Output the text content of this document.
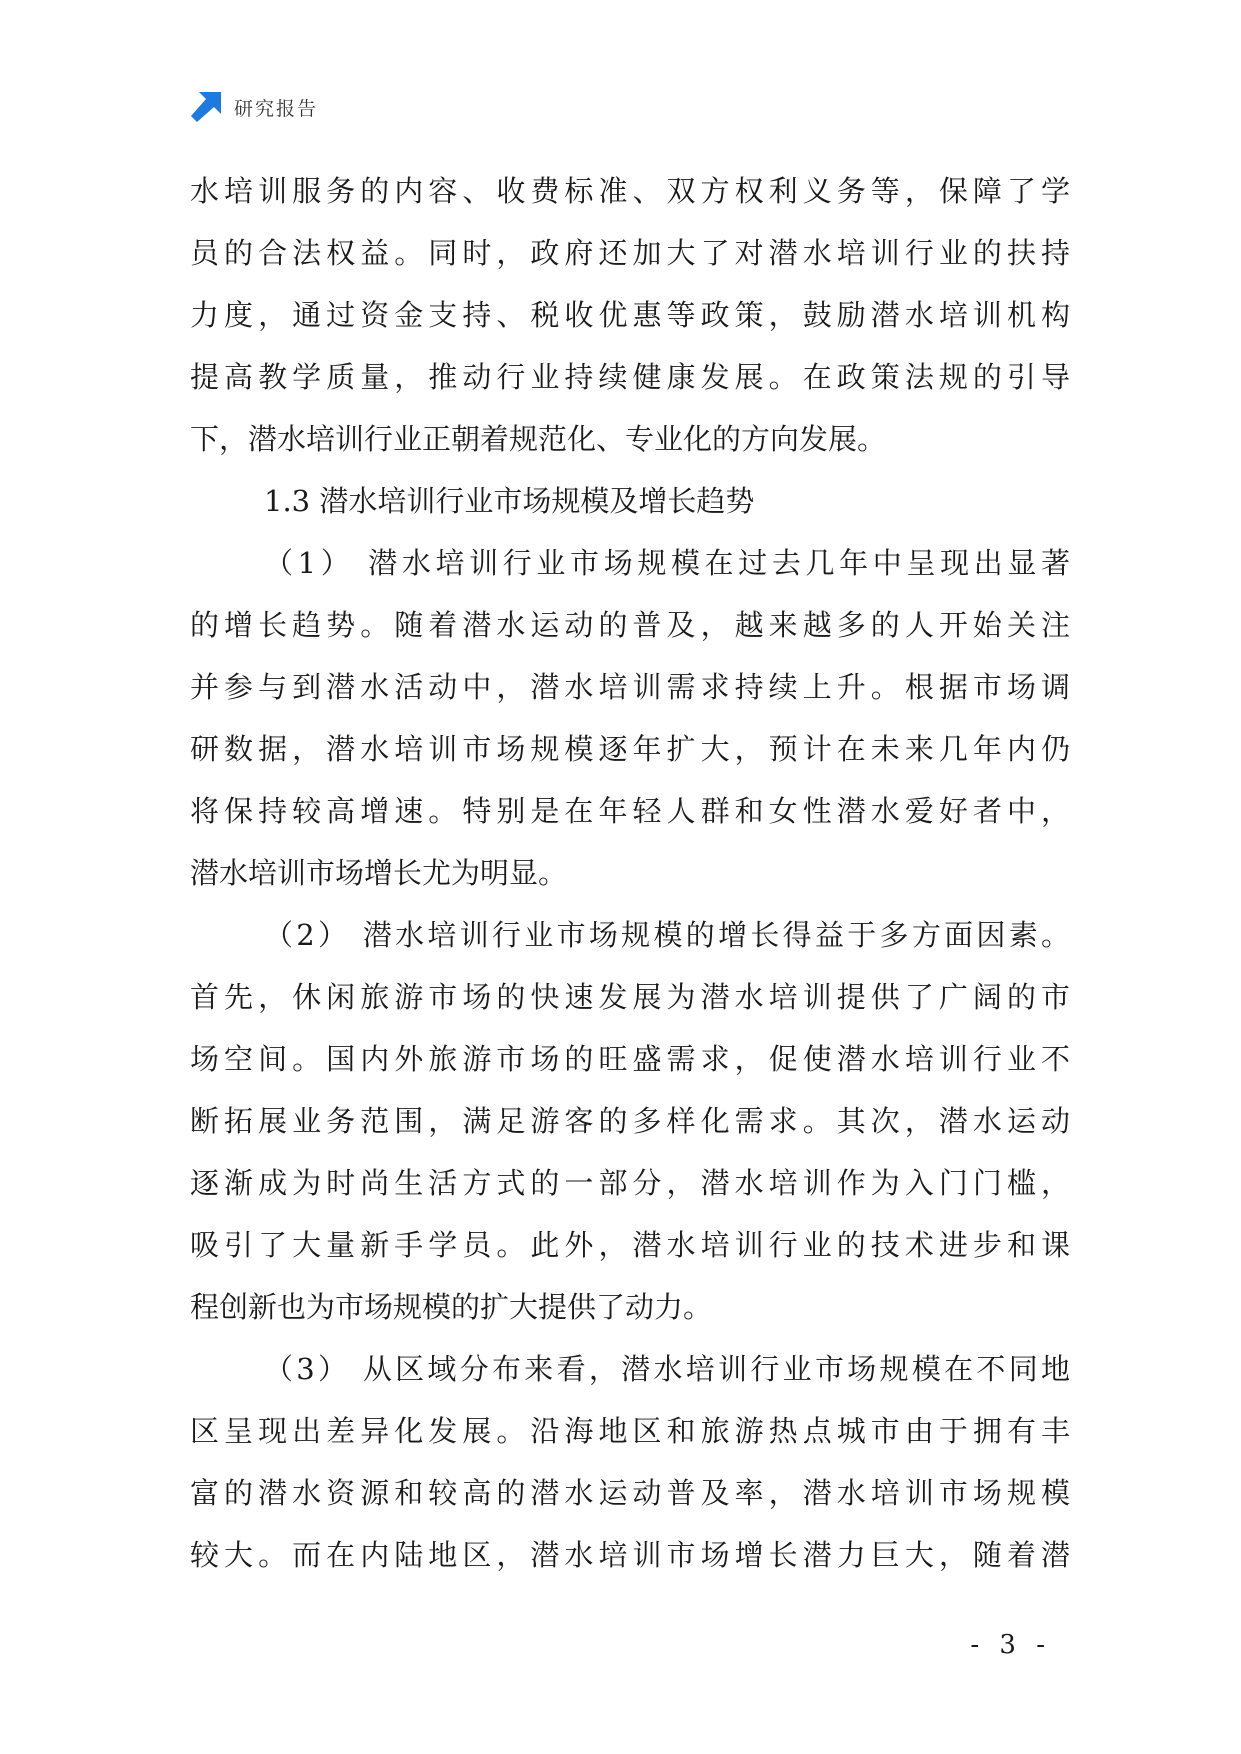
研究报告
水培训服务的内容、收费标准、双方权利义务等，保障了学
员的合法权益。同时，政府还加大了对潜水培训行业的扶持
力度，通过资金支持、税收优惠等政策，鼓励潜水培训机构
提高教学质量，推动行业持续健康发展。在政策法规的引导
下，潜水培训行业正朝着规范化、专业化的方向发展。
1.3 潜水培训行业市场规模及增长趋势
（1） 潜水培训行业市场规模在过去几年中呈现出显著
的增长趋势。随着潜水运动的普及，越来越多的人开始关注
并参与到潜水活动中，潜水培训需求持续上升。根据市场调
研数据，潜水培训市场规模逐年扩大，预计在未来几年内仍
将保持较高增速。特别是在年轻人群和女性潜水爱好者中，
潜水培训市场增长尤为明显。
（2） 潜水培训行业市场规模的增长得益于多方面因素。
首先，休闲旅游市场的快速发展为潜水培训提供了广阔的市
场空间。国内外旅游市场的旺盛需求，促使潜水培训行业不
断拓展业务范围，满足游客的多样化需求。其次，潜水运动
逐渐成为时尚生活方式的一部分，潜水培训作为入门门槛，
吸引了大量新手学员。此外，潜水培训行业的技术进步和课
程创新也为市场规模的扩大提供了动力。
（3） 从区域分布来看，潜水培训行业市场规模在不同地
区呈现出差异化发展。沿海地区和旅游热点城市由于拥有丰
富的潜水资源和较高的潜水运动普及率，潜水培训市场规模
较大。而在内陆地区，潜水培训市场增长潜力巨大，随着潜
- 3 -
